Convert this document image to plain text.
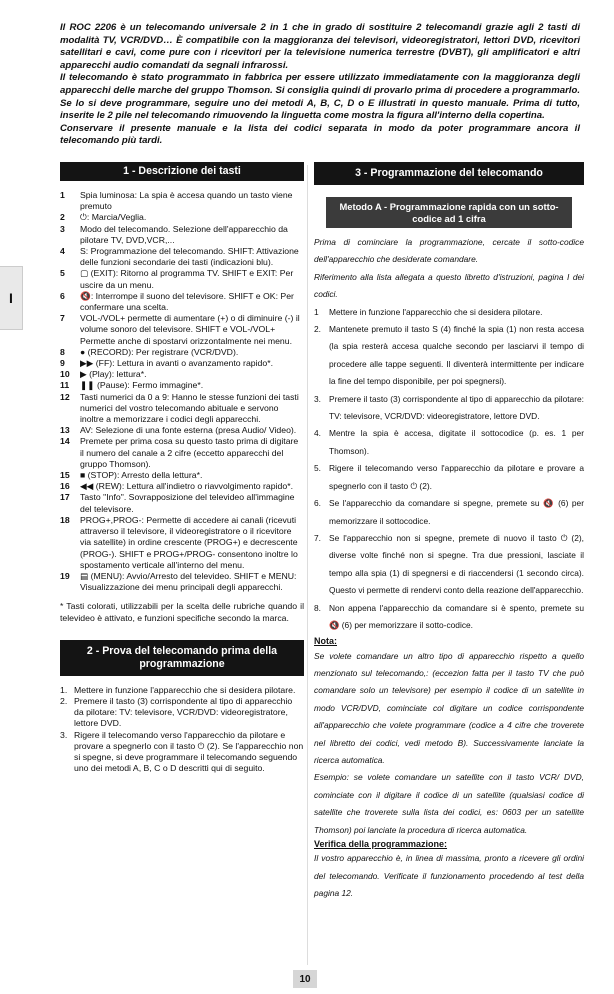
Il ROC 2206 è un telecomando universale 2 in 1 che in grado di sostituire 2 telecomandi grazie agli 2 tasti di modalità TV, VCR/DVD… È compatibile con la maggioranza dei televisori, videoregistratori, lettori DVD, ricevitori satellitari e cavi, come pure con i ricevitori per la televisione numerica terrestre (DVBT), gli amplificatori e altri apparecchi audio comandati da segnali infrarossi.

Il telecomando è stato programmato in fabbrica per essere utilizzato immediatamente con la maggioranza degli apparecchi delle marche del gruppo Thomson. Si consiglia quindi di provarlo prima di procedere a programmarlo. Se lo si deve programmare, seguire uno dei metodi A, B, C, D o E illustrati in questo manuale. Prima di tutto, inserite le 2 pile nel telecomando rimuovendo la linguetta come mostra la figura all'interno della copertina.

Conservare il presente manuale e la lista dei codici separata in modo da poter programmare ancora il telecomando più tardi.

I
1 - Descrizione dei tasti
1	Spia luminosa: La spia è accesa quando un tasto viene premuto
2	⏻: Marcia/Veglia.
3	Modo del telecomando. Selezione dell'apparecchio da pilotare TV, DVD,VCR,...
4	S: Programmazione del telecomando. SHIFT: Attivazione delle funzioni secondarie dei tasti (indicazioni blu).
5	▢ (EXIT): Ritorno al programma TV. SHIFT e EXIT: Per uscire da un menu.
6	🔇: Interrompe il suono del televisore. SHIFT e OK: Per confermare una scelta.
7	VOL-/VOL+ permette di aumentare (+) o di diminuire (-) il volume sonoro del televisore. SHIFT e VOL-/VOL+ Permette anche di spostarvi orizzontalmente nei menu.
8	● (RECORD): Per registrare (VCR/DVD).
9	▶▶ (FF): Lettura in avanti o avanzamento rapido*.
10	▶ (Play): lettura*.
11	❚❚ (Pause): Fermo immagine*.
12	Tasti numerici da 0 a 9: Hanno le stesse funzioni dei tasti numerici del vostro telecomando abituale e servono inoltre a memorizzare i codici degli apparecchi.
13	AV: Selezione di una fonte esterna (presa Audio/ Video).
14	Premete per prima cosa su questo tasto prima di digitare il numero del canale a 2 cifre (eccetto apparecchi del gruppo Thomson).
15	■ (STOP): Arresto della lettura*.
16	◀◀ (REW): Lettura all'indietro o riavvolgimento rapido*.
17	Tasto "Info". Sovrapposizione del televideo all'immagine del televisore.
18	PROG+,PROG-: Permette di accedere ai canali (ricevuti attraverso il televisore, il videoregistratore o il ricevitore via satellite) in ordine crescente (PROG+) e decrescente (PROG-). SHIFT e PROG+/PROG- consentono inoltre lo spostamento verticale all'interno del menu.
19	▤ (MENU): Avvio/Arresto del televideo. SHIFT e MENU: Visualizzazione dei menu principali degli apparecchi.
* Tasti colorati, utilizzabili per la scelta delle rubriche quando il televideo è attivato, e funzioni specifiche secondo la marca.
2 - Prova del telecomando prima della programmazione
1. Mettere in funzione l'apparecchio che si desidera pilotare.
2. Premere il tasto (3) corrispondente al tipo di apparecchio da pilotare: TV: televisore, VCR/DVD: videoregistratore, lettore DVD.
3. Rigere il telecomando verso l'apparecchio da pilotare e provare a spegnerlo con il tasto ⏻ (2). Se l'apparecchio non si spegne, si deve programmare il telecomando seguendo uno dei metodi A, B, C o D descritti qui di seguito.
3 - Programmazione del telecomando
Metodo A - Programmazione rapida con un sotto-codice ad 1 cifra
Prima di cominciare la programmazione, cercate il sotto-codice dell'apparecchio che desiderate comandare.
Riferimento alla lista allegata a questo libretto d'istruzioni, pagina I dei codici.
1	Mettere in funzione l'apparecchio che si desidera pilotare.
2. Mantenete premuto il tasto S (4) finché la spia (1) non resta accesa (la spia resterà accesa qualche secondo per lasciarvi il tempo di procedere alle tappe seguenti. Il diventerà intermittente per indicare la fine del tempo disponibile, per poi spegnersi).
3. Premere il tasto (3) corrispondente al tipo di apparecchio da pilotare: TV: televisore, VCR/DVD: videoregistratore, lettore DVD.
4. Mentre la spia è accesa, digitate il sottocodice (p. es. 1 per Thomson).
5. Rigere il telecomando verso l'apparecchio da pilotare e provare a spegnerlo con il tasto ⏻ (2).
6. Se l'apparecchio da comandare si spegne, premete su 🔇 (6) per memorizzare il sottocodice.
7. Se l'apparecchio non si spegne, premete di nuovo il tasto ⏻ (2), diverse volte finché non si spegne. Tra due pressioni, lasciate il tempo alla spia (1) di spegnersi e di riaccendersi (1 secondo circa). Questo vi permette di rendervi conto della reazione dell'apparecchio.
8. Non appena l'apparecchio da comandare si è spento, premete su 🔇 (6) per memorizzare il sotto-codice.
Nota:
Se volete comandare un altro tipo di apparecchio rispetto a quello menzionato sul telecomando,: (eccezion fatta per il tasto TV che può comandare solo un televisore) per esempio il codice di un satellite in modo VCR/DVD, cominciate col digitare un codice corrispondente all'apparecchio che volete programmare (codice a 4 cifre che troverete nel libretto dei codici, vedi metodo B). Successivamente lanciate la ricerca automatica.
Esempio: se volete comandare un satellite con il tasto VCR/ DVD, cominciate con il digitare il codice di un satellite (qualsiasi codice di satellite che troverete sulla lista dei codici, es: 0603 per un satellite Thomson) poi lanciate la procedura di ricerca automatica.
Verifica della programmazione:
Il vostro apparecchio è, in linea di massima, pronto a ricevere gli ordini del telecomando. Verificate il funzionamento procedendo al test della pagina 12.
10
